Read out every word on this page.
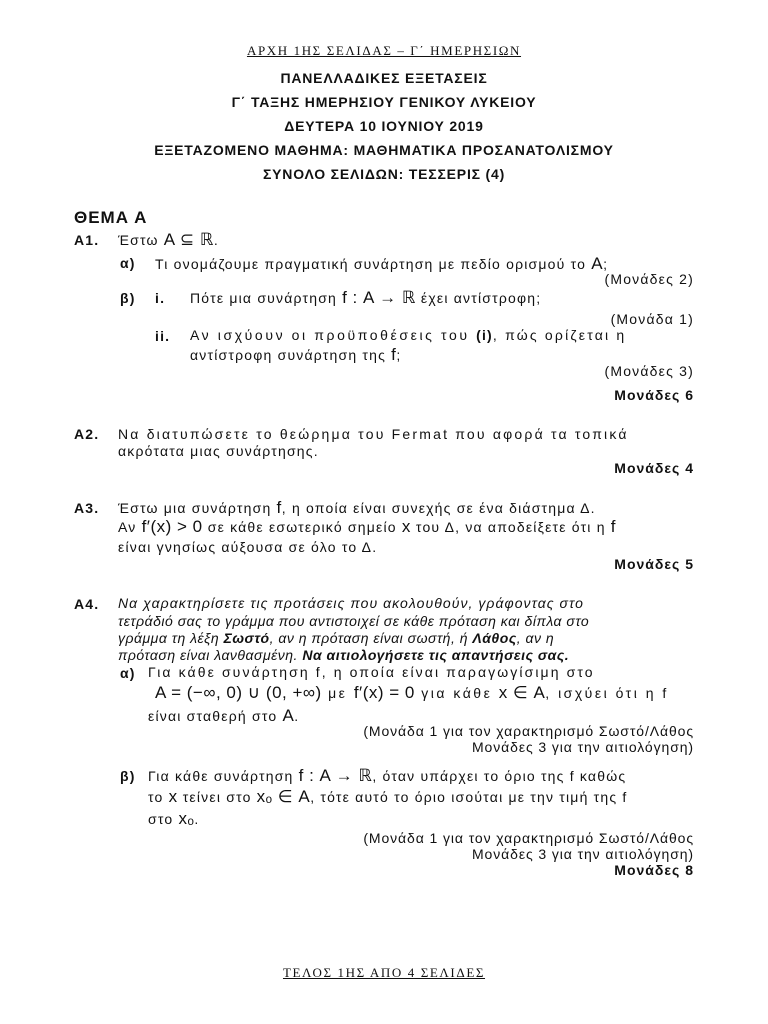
ΑΡΧΗ 1ΗΣ ΣΕΛΙΔΑΣ – Γ΄ ΗΜΕΡΗΣΙΩΝ
ΠΑΝΕΛΛΑΔΙΚΕΣ ΕΞΕΤΑΣΕΙΣ
Γ΄ ΤΑΞΗΣ ΗΜΕΡΗΣΙΟΥ ΓΕΝΙΚΟΥ ΛΥΚΕΙΟΥ
ΔΕΥΤΕΡΑ 10 ΙΟΥΝΙΟΥ 2019
ΕΞΕΤΑΖΟΜΕΝΟ ΜΑΘΗΜΑ: ΜΑΘΗΜΑΤΙΚΑ ΠΡΟΣΑΝΑΤΟΛΙΣΜΟΥ
ΣΥΝΟΛΟ ΣΕΛΙΔΩΝ: ΤΕΣΣΕΡΙΣ (4)
ΘΕΜΑ Α
Α1. Έστω Α ⊆ ℝ.
α) Τι ονομάζουμε πραγματική συνάρτηση με πεδίο ορισμού το Α;
(Μονάδες 2)
β) i. Πότε μια συνάρτηση f : Α → ℝ έχει αντίστροφη;
(Μονάδα 1)
ii. Αν ισχύουν οι προϋποθέσεις του (i), πώς ορίζεται η
αντίστροφη συνάρτηση της f;
(Μονάδες 3)
Μονάδες 6
Α2. Να διατυπώσετε το θεώρημα του Fermat που αφορά τα τοπικά
ακρότατα μιας συνάρτησης.
Μονάδες 4
Α3. Έστω μια συνάρτηση f, η οποία είναι συνεχής σε ένα διάστημα Δ.
Αν f′(x) > 0 σε κάθε εσωτερικό σημείο x του Δ, να αποδείξετε ότι η f
είναι γνησίως αύξουσα σε όλο το Δ.
Μονάδες 5
Α4. Να χαρακτηρίσετε τις προτάσεις που ακολουθούν, γράφοντας στο
τετράδιό σας το γράμμα που αντιστοιχεί σε κάθε πρόταση και δίπλα στο
γράμμα τη λέξη Σωστό, αν η πρόταση είναι σωστή, ή Λάθος, αν η
πρόταση είναι λανθασμένη. Να αιτιολογήσετε τις απαντήσεις σας.
α) Για κάθε συνάρτηση f, η οποία είναι παραγωγίσιμη στο
Α = (−∞, 0) ∪ (0, +∞) με f′(x) = 0 για κάθε x ∈ Α, ισχύει ότι η f
είναι σταθερή στο Α.
(Μονάδα 1 για τον χαρακτηρισμό Σωστό/Λάθος
Μονάδες 3 για την αιτιολόγηση)
β) Για κάθε συνάρτηση f : Α → ℝ, όταν υπάρχει το όριο της f καθώς
το x τείνει στο xₒ ∈ Α, τότε αυτό το όριο ισούται με την τιμή της f
στο xₒ.
(Μονάδα 1 για τον χαρακτηρισμό Σωστό/Λάθος
Μονάδες 3 για την αιτιολόγηση)
Μονάδες 8
ΤΕΛΟΣ 1ΗΣ ΑΠΟ 4 ΣΕΛΙΔΕΣ
